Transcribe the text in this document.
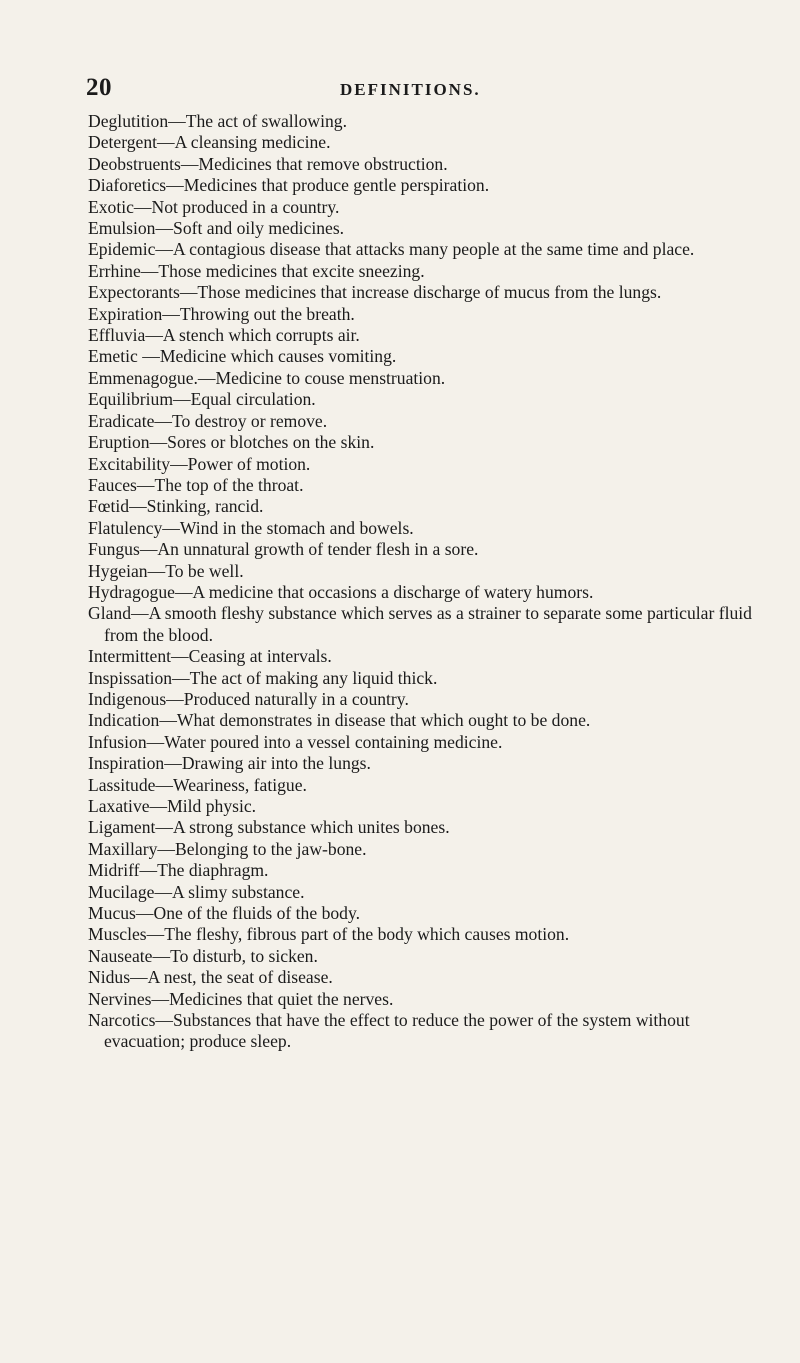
20	DEFINITIONS.
Deglutition—The act of swallowing.
Detergent—A cleansing medicine.
Deobstruents—Medicines that remove obstruction.
Diaforetics—Medicines that produce gentle perspiration.
Exotic—Not produced in a country.
Emulsion—Soft and oily medicines.
Epidemic—A contagious disease that attacks many people at the same time and place.
Errhine—Those medicines that excite sneezing.
Expectorants—Those medicines that increase discharge of mucus from the lungs.
Expiration—Throwing out the breath.
Effluvia—A stench which corrupts air.
Emetic —Medicine which causes vomiting.
Emmenagogue.—Medicine to couse menstruation.
Equilibrium—Equal circulation.
Eradicate—To destroy or remove.
Eruption—Sores or blotches on the skin.
Excitability—Power of motion.
Fauces—The top of the throat.
Fœtid—Stinking, rancid.
Flatulency—Wind in the stomach and bowels.
Fungus—An unnatural growth of tender flesh in a sore.
Hygeian—To be well.
Hydragogue—A medicine that occasions a discharge of watery humors.
Gland—A smooth fleshy substance which serves as a strainer to separate some particular fluid from the blood.
Intermittent—Ceasing at intervals.
Inspissation—The act of making any liquid thick.
Indigenous—Produced naturally in a country.
Indication—What demonstrates in disease that which ought to be done.
Infusion—Water poured into a vessel containing medicine.
Inspiration—Drawing air into the lungs.
Lassitude—Weariness, fatigue.
Laxative—Mild physic.
Ligament—A strong substance which unites bones.
Maxillary—Belonging to the jaw-bone.
Midriff—The diaphragm.
Mucilage—A slimy substance.
Mucus—One of the fluids of the body.
Muscles—The fleshy, fibrous part of the body which causes motion.
Nauseate—To disturb, to sicken.
Nidus—A nest, the seat of disease.
Nervines—Medicines that quiet the nerves.
Narcotics—Substances that have the effect to reduce the power of the system without evacuation; produce sleep.
